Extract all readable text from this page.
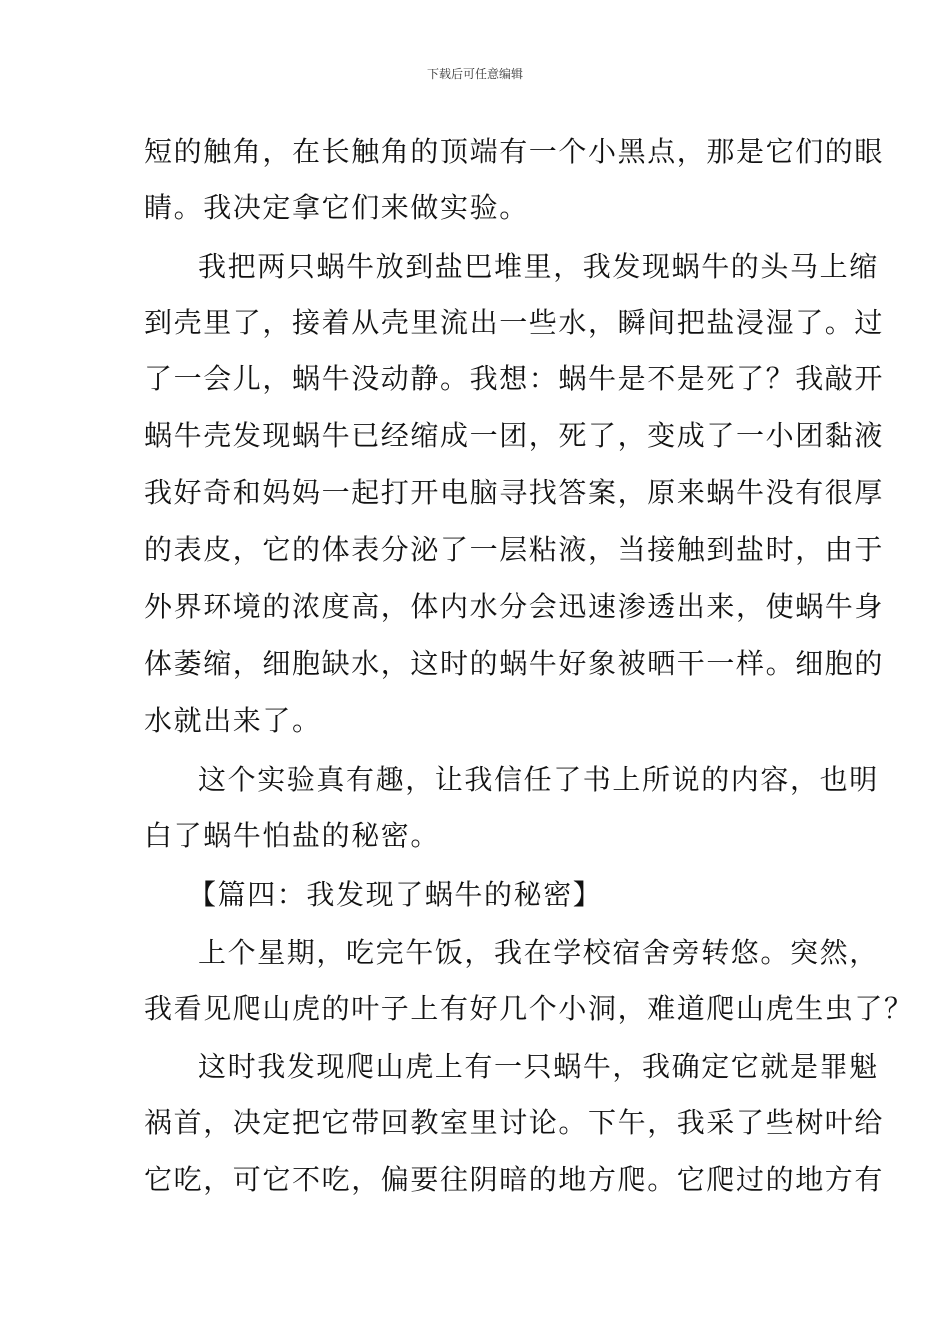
下载后可任意编辑
短的触角，在长触角的顶端有一个小黑点，那是它们的眼
睛。我决定拿它们来做实验。
我把两只蜗牛放到盐巴堆里，我发现蜗牛的头马上缩
到壳里了，接着从壳里流出一些水，瞬间把盐浸湿了。过
了一会儿，蜗牛没动静。我想：蜗牛是不是死了？我敲开
蜗牛壳发现蜗牛已经缩成一团，死了，变成了一小团黏液
我好奇和妈妈一起打开电脑寻找答案，原来蜗牛没有很厚
的表皮，它的体表分泌了一层粘液，当接触到盐时，由于
外界环境的浓度高，体内水分会迅速渗透出来，使蜗牛身
体萎缩，细胞缺水，这时的蜗牛好象被晒干一样。细胞的
水就出来了。
这个实验真有趣，让我信任了书上所说的内容，也明
白了蜗牛怕盐的秘密。
【篇四：我发现了蜗牛的秘密】
上个星期，吃完午饭，我在学校宿舍旁转悠。突然，
我看见爬山虎的叶子上有好几个小洞，难道爬山虎生虫了？
这时我发现爬山虎上有一只蜗牛，我确定它就是罪魁
祸首，决定把它带回教室里讨论。下午，我采了些树叶给
它吃，可它不吃，偏要往阴暗的地方爬。它爬过的地方有
